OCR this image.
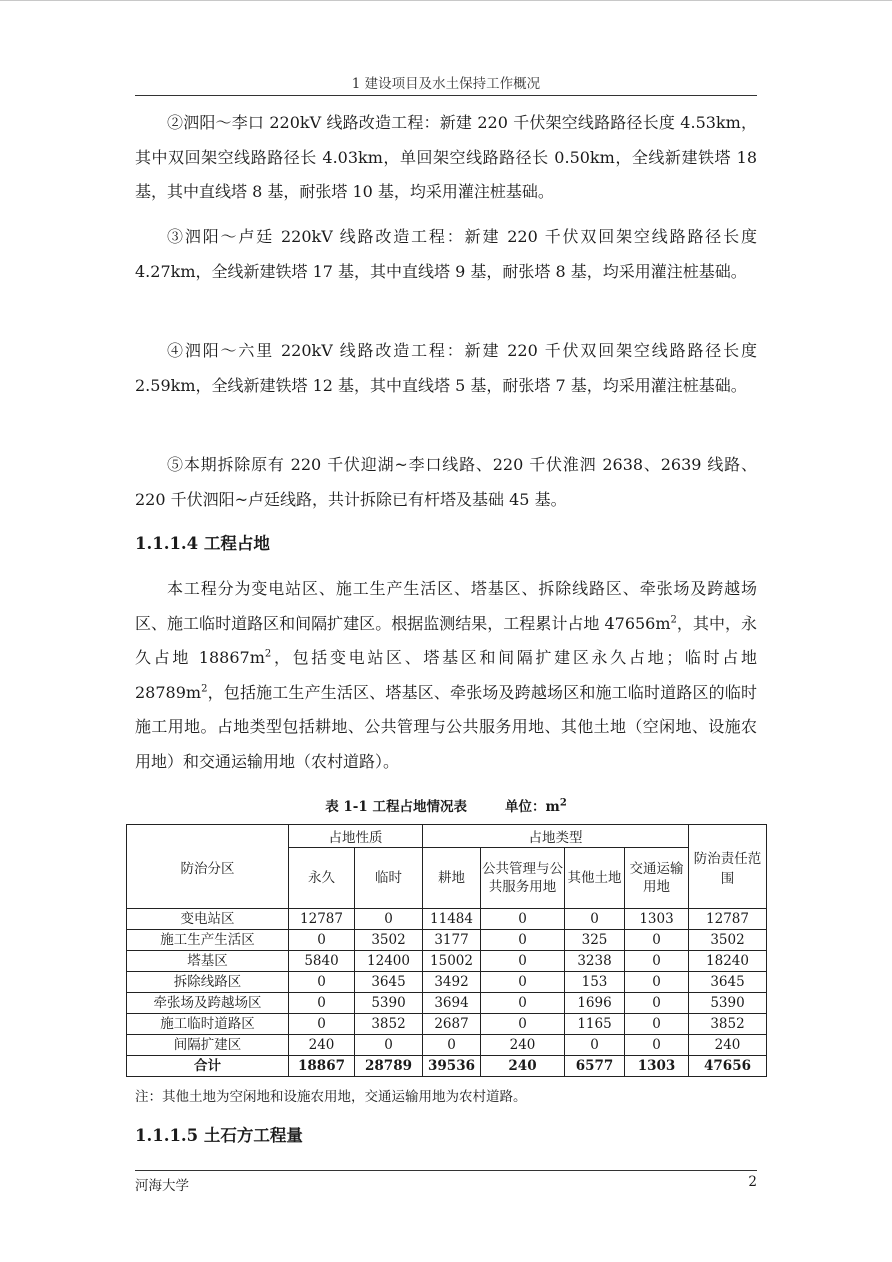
1 建设项目及水土保持工作概况

②泗阳～李口 220kV 线路改造工程：新建 220 千伏架空线路路径长度 4.53km，其中双回架空线路路径长 4.03km，单回架空线路路径长 0.50km，全线新建铁塔 18 基，其中直线塔 8 基，耐张塔 10 基，均采用灌注桩基础。

③泗阳～卢廷 220kV 线路改造工程：新建 220 千伏双回架空线路路径长度 4.27km，全线新建铁塔 17 基，其中直线塔 9 基，耐张塔 8 基，均采用灌注桩基础。

④泗阳～六里 220kV 线路改造工程：新建 220 千伏双回架空线路路径长度 2.59km，全线新建铁塔 12 基，其中直线塔 5 基，耐张塔 7 基，均采用灌注桩基础。

⑤本期拆除原有 220 千伏迎湖~李口线路、220 千伏淮泗 2638、2639 线路、220 千伏泗阳~卢廷线路，共计拆除已有杆塔及基础 45 基。

1.1.1.4 工程占地

本工程分为变电站区、施工生产生活区、塔基区、拆除线路区、牵张场及跨越场区、施工临时道路区和间隔扩建区。根据监测结果，工程累计占地 $47656m^2$，其中，永久占地 $18867m^2$，包括变电站区、塔基区和间隔扩建区永久占地；临时占地 $28789m^2$，包括施工生产生活区、塔基区、牵张场及跨越场区和施工临时道路区的临时施工用地。占地类型包括耕地、公共管理与公共服务用地、其他土地（空闲地、设施农用地）和交通运输用地（农村道路）。

表 1-1 工程占地情况表	单位：$m^2$
防治分区	占地性质		占地类型				防治责任范围
	永久	临时	耕地	公共管理与公共服务用地	其他土地	交通运输用地	
变电站区	12787	0	11484	0	0	1303	12787
施工生产生活区	0	3502	3177	0	325	0	3502
塔基区	5840	12400	15002	0	3238	0	18240
拆除线路区	0	3645	3492	0	153	0	3645
牵张场及跨越场区	0	5390	3694	0	1696	0	5390
施工临时道路区	0	3852	2687	0	1165	0	3852
间隔扩建区	240	0	0	240	0	0	240
合计	18867	28789	39536	240	6577	1303	47656
注：其他土地为空闲地和设施农用地，交通运输用地为农村道路。
1.1.1.5 土石方工程量
河海大学	2
